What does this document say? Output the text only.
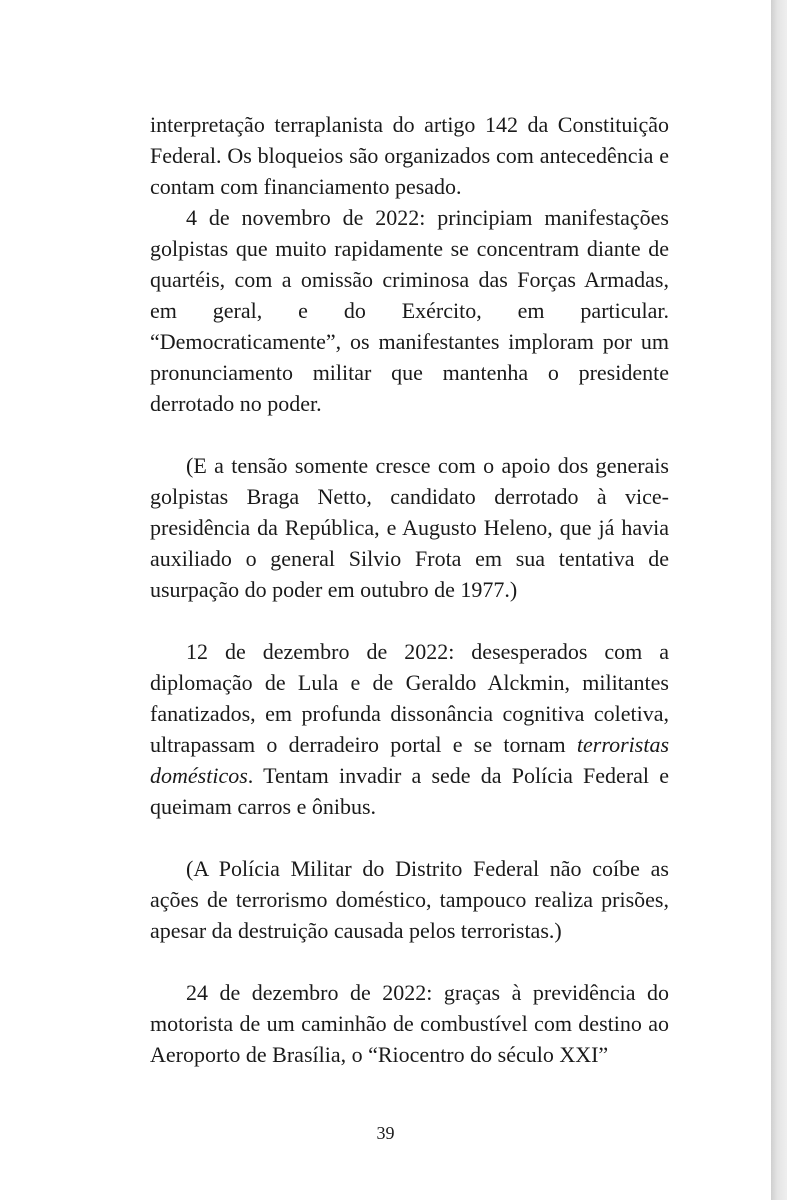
interpretação terraplanista do artigo 142 da Constituição Federal. Os bloqueios são organizados com antecedência e contam com financiamento pesado.

4 de novembro de 2022: principiam manifestações golpistas que muito rapidamente se concentram diante de quartéis, com a omissão criminosa das Forças Armadas, em geral, e do Exército, em particular. “Democraticamente”, os manifestantes imploram por um pronunciamento militar que mantenha o presidente derrotado no poder.

(E a tensão somente cresce com o apoio dos generais golpistas Braga Netto, candidato derrotado à vice-presidência da República, e Augusto Heleno, que já havia auxiliado o general Silvio Frota em sua tentativa de usurpação do poder em outubro de 1977.)

12 de dezembro de 2022: desesperados com a diplomação de Lula e de Geraldo Alckmin, militantes fanatizados, em profunda dissonância cognitiva coletiva, ultrapassam o derradeiro portal e se tornam terroristas domésticos. Tentam invadir a sede da Polícia Federal e queimam carros e ônibus.

(A Polícia Militar do Distrito Federal não coíbe as ações de terrorismo doméstico, tampouco realiza prisões, apesar da destruição causada pelos terroristas.)

24 de dezembro de 2022: graças à previdência do motorista de um caminhão de combustível com destino ao Aeroporto de Brasília, o “Riocentro do século XXI”

39
